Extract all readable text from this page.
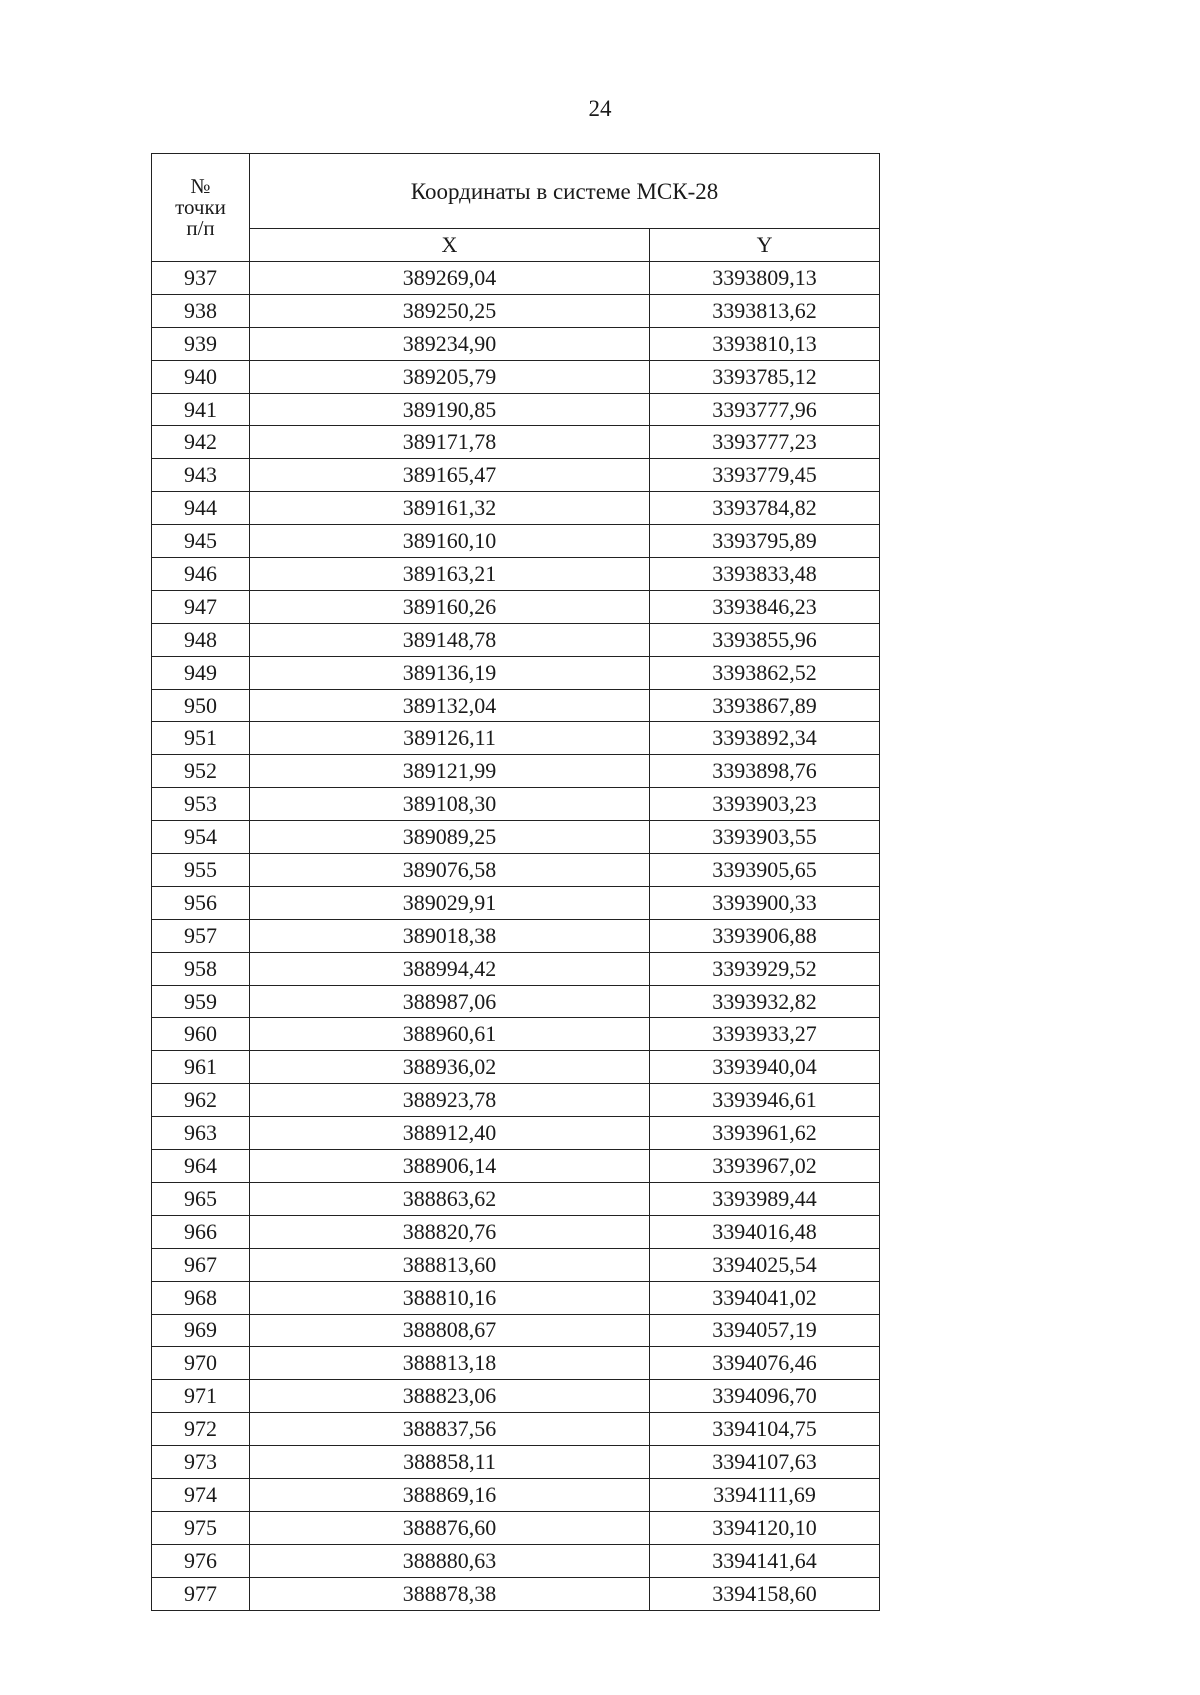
24
№
точки
п/п	Координаты в системе МСК-28	
	X	Y
937	389269,04	3393809,13
938	389250,25	3393813,62
939	389234,90	3393810,13
940	389205,79	3393785,12
941	389190,85	3393777,96
942	389171,78	3393777,23
943	389165,47	3393779,45
944	389161,32	3393784,82
945	389160,10	3393795,89
946	389163,21	3393833,48
947	389160,26	3393846,23
948	389148,78	3393855,96
949	389136,19	3393862,52
950	389132,04	3393867,89
951	389126,11	3393892,34
952	389121,99	3393898,76
953	389108,30	3393903,23
954	389089,25	3393903,55
955	389076,58	3393905,65
956	389029,91	3393900,33
957	389018,38	3393906,88
958	388994,42	3393929,52
959	388987,06	3393932,82
960	388960,61	3393933,27
961	388936,02	3393940,04
962	388923,78	3393946,61
963	388912,40	3393961,62
964	388906,14	3393967,02
965	388863,62	3393989,44
966	388820,76	3394016,48
967	388813,60	3394025,54
968	388810,16	3394041,02
969	388808,67	3394057,19
970	388813,18	3394076,46
971	388823,06	3394096,70
972	388837,56	3394104,75
973	388858,11	3394107,63
974	388869,16	3394111,69
975	388876,60	3394120,10
976	388880,63	3394141,64
977	388878,38	3394158,60
